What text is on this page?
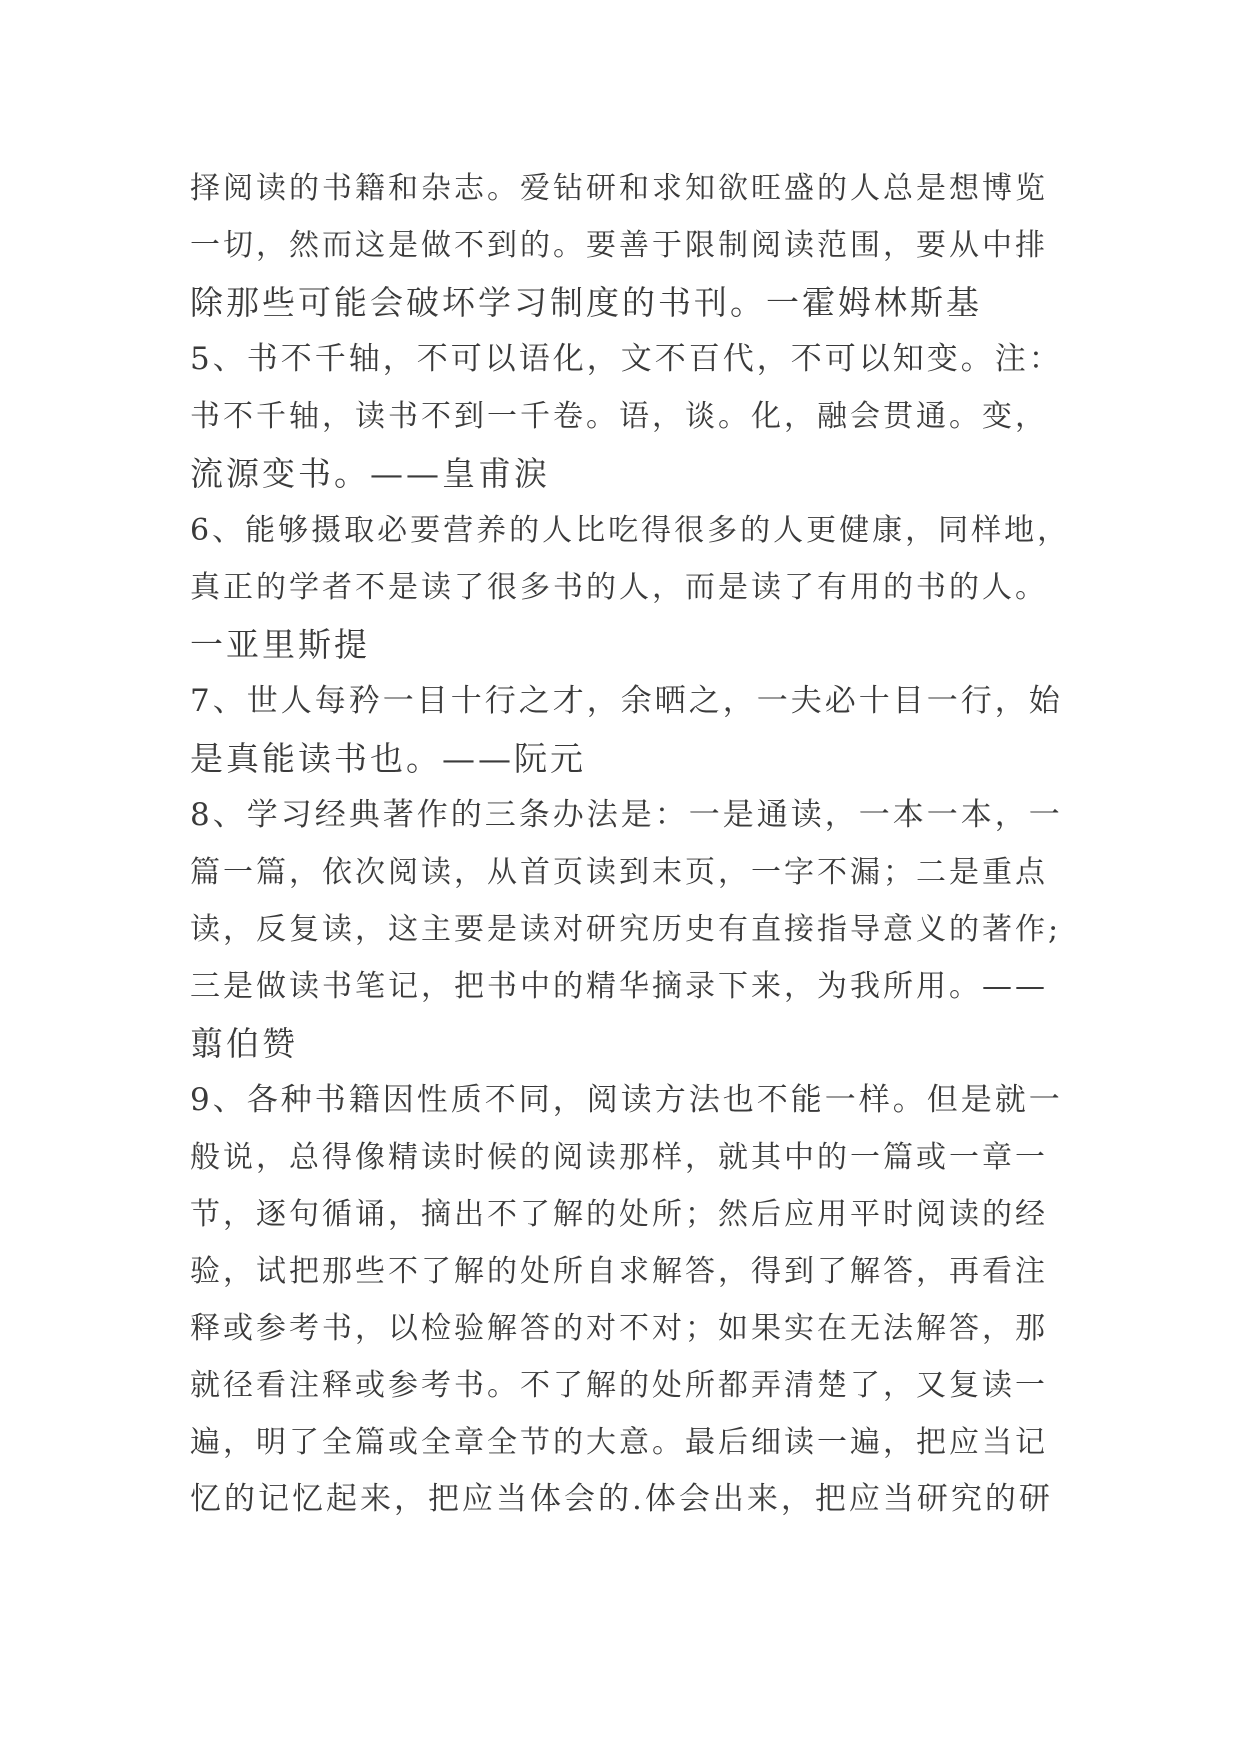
择阅读的书籍和杂志。爱钻研和求知欲旺盛的人总是想博览
一切，然而这是做不到的。要善于限制阅读范围，要从中排
除那些可能会破坏学习制度的书刊。一霍姆林斯基
5、书不千轴，不可以语化，文不百代，不可以知变。注：
书不千轴，读书不到一千卷。语，谈。化，融会贯通。变，
流源变书。——皇甫涙
6、能够摄取必要营养的人比吃得很多的人更健康，同样地，
真正的学者不是读了很多书的人，而是读了有用的书的人。
一亚里斯提
7、世人每矜一目十行之才，余晒之，一夫必十目一行，始
是真能读书也。——阮元
8、学习经典著作的三条办法是：一是通读，一本一本，一
篇一篇，依次阅读，从首页读到末页，一字不漏；二是重点
读，反复读，这主要是读对研究历史有直接指导意义的著作;
三是做读书笔记，把书中的精华摘录下来，为我所用。——
翦伯赞
9、各种书籍因性质不同，阅读方法也不能一样。但是就一
般说，总得像精读时候的阅读那样，就其中的一篇或一章一
节，逐句循诵，摘出不了解的处所；然后应用平时阅读的经
验，试把那些不了解的处所自求解答，得到了解答，再看注
释或参考书，以检验解答的对不对；如果实在无法解答，那
就径看注释或参考书。不了解的处所都弄清楚了，又复读一
遍，明了全篇或全章全节的大意。最后细读一遍，把应当记
忆的记忆起来，把应当体会的.体会出来，把应当研究的研
